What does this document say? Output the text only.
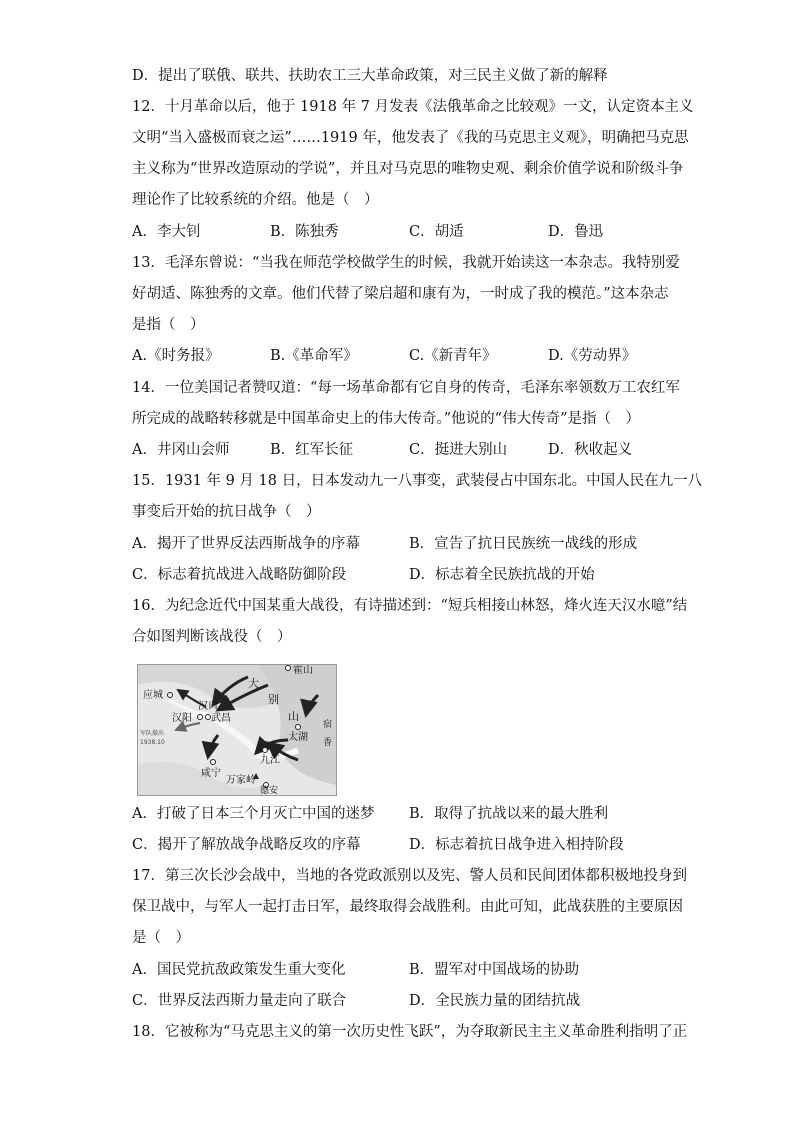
D．提出了联俄、联共、扶助农工三大革命政策，对三民主义做了新的解释
12．十月革命以后，他于 1918 年 7 月发表《法俄革命之比较观》一文，认定资本主义
文明“当入盛极而衰之运”……1919 年，他发表了《我的马克思主义观》，明确把马克思
主义称为“世界改造原动的学说”，并且对马克思的唯物史观、剩余价值学说和阶级斗争
理论作了比较系统的介绍。他是（　）
A．李大钊	B．陈独秀	C．胡适	D．鲁迅
13．毛泽东曾说：“当我在师范学校做学生的时候，我就开始读这一本杂志。我特别爱
好胡适、陈独秀的文章。他们代替了梁启超和康有为，一时成了我的模范。”这本杂志
是指（　）
A.《时务报》	B.《革命军》	C.《新青年》	D.《劳动界》
14．一位美国记者赞叹道：“每一场革命都有它自身的传奇，毛泽东率领数万工农红军
所完成的战略转移就是中国革命史上的伟大传奇。”他说的“伟大传奇”是指（　）
A．井冈山会师	B．红军长征	C．挺进大别山	D．秋收起义
15．1931 年 9 月 18 日，日本发动九一八事变，武装侵占中国东北。中国人民在九一八
事变后开始的抗日战争（　）
A．揭开了世界反法西斯战争的序幕	B．宣告了抗日民族统一战线的形成
C．标志着抗战进入战略防御阶段	D．标志着全民族抗战的开始
16．为纪念近代中国某重大战役，有诗描述到：“短兵相接山林怒，烽火连天汉水噫”结
合如图判断该战役（　）
应城
汉口
汉阳 武昌
大
别
山
霍山
太湖
九江
咸宁
万家岭
德安
军队撤出
1938.10
宿
香
A．打破了日本三个月灭亡中国的迷梦 B．取得了抗战以来的最大胜利
C．揭开了解放战争战略反攻的序幕	D．标志着抗日战争进入相持阶段
17．第三次长沙会战中，当地的各党政派别以及宪、警人员和民间团体都积极地投身到
保卫战中，与军人一起打击日军，最终取得会战胜利。由此可知，此战获胜的主要原因
是（　）
A．国民党抗敌政策发生重大变化	B．盟军对中国战场的协助
C．世界反法西斯力量走向了联合	D．全民族力量的团结抗战
18．它被称为“马克思主义的第一次历史性飞跃”，为夺取新民主主义革命胜利指明了正
